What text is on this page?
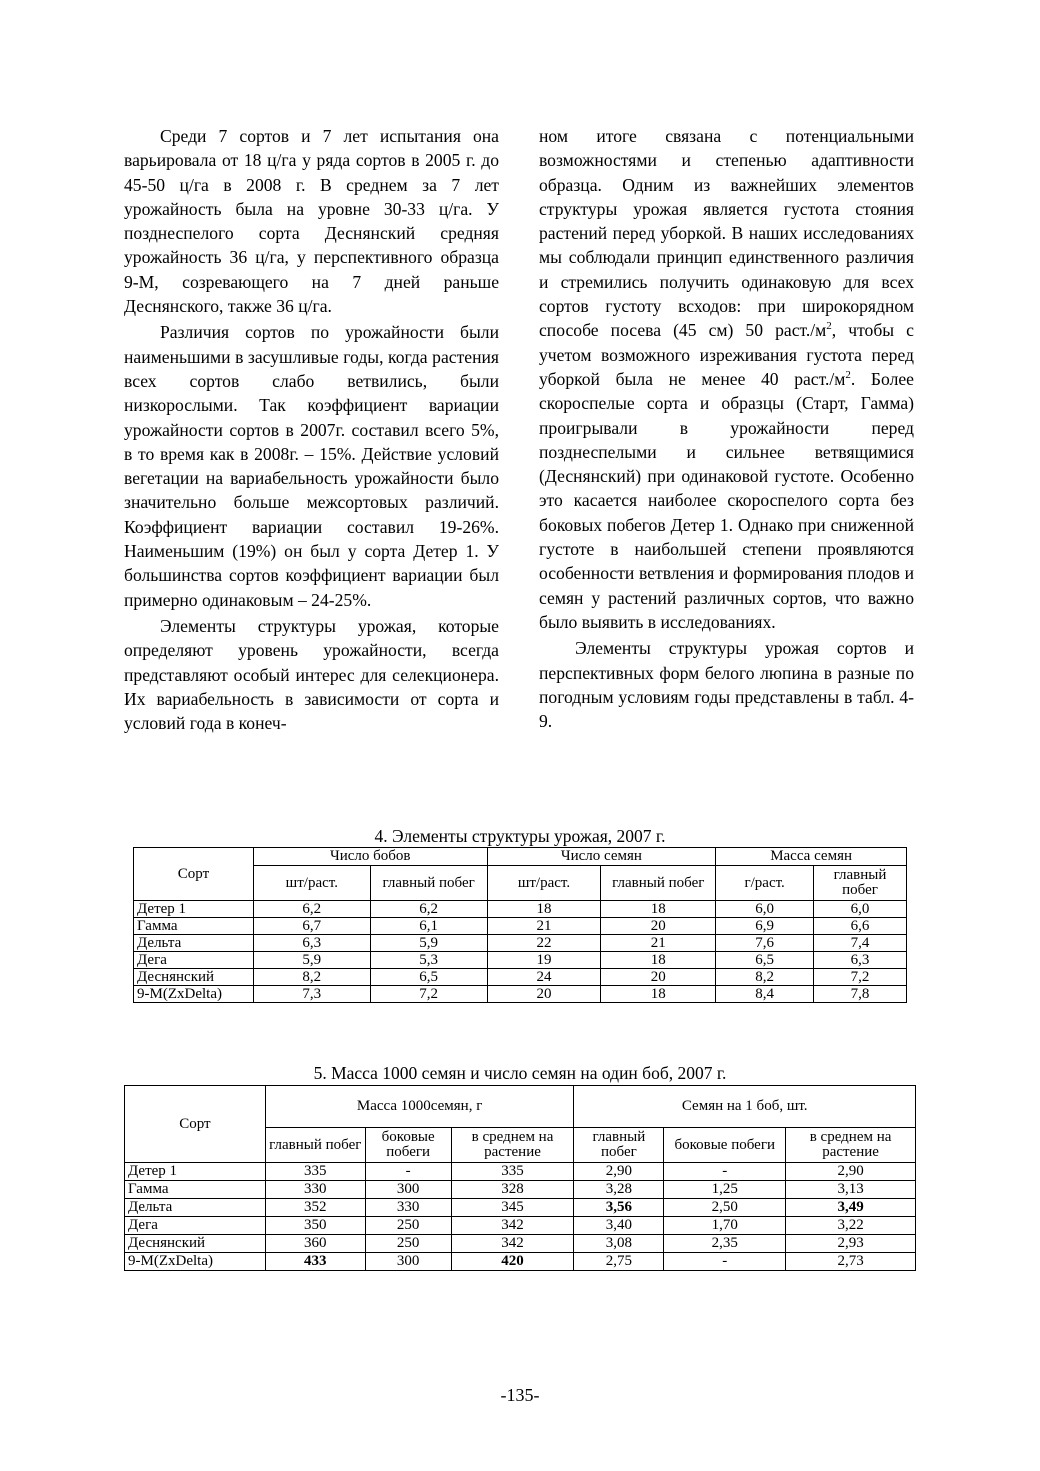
Среди 7 сортов и 7 лет испытания она варьировала от 18 ц/га у ряда сортов в 2005 г. до 45-50 ц/га в 2008 г. В среднем за 7 лет урожайность была на уровне 30-33 ц/га. У позднеспелого сорта Деснянский средняя урожайность 36 ц/га, у перспективного образца 9-М, созревающего на 7 дней раньше Деснянского, также 36 ц/га.

Различия сортов по урожайности были наименьшими в засушливые годы, когда растения всех сортов слабо ветвились, были низкорослыми. Так коэффициент вариации урожайности сортов в 2007г. составил всего 5%, в то время как в 2008г. – 15%. Действие условий вегетации на вариабельность урожайности было значительно больше межсортовых различий. Коэффициент вариации составил 19-26%. Наименьшим (19%) он был у сорта Детер 1. У большинства сортов коэффициент вариации был примерно одинаковым – 24-25%.

Элементы структуры урожая, которые определяют уровень урожайности, всегда представляют особый интерес для селекционера. Их вариабельность в зависимости от сорта и условий года в конеч-

ном итоге связана с потенциальными возможностями и степенью адаптивности образца. Одним из важнейших элементов структуры урожая является густота стояния растений перед уборкой. В наших исследованиях мы соблюдали принцип единственного различия и стремились получить одинаковую для всех сортов густоту всходов: при широкорядном способе посева (45 см) 50 $раст./м^2$, чтобы с учетом возможного изреживания густота перед уборкой была не менее 40 $раст./м^2$. Более скороспелые сорта и образцы (Старт, Гамма) проигрывали в урожайности перед позднеспелыми и сильнее ветвящимися (Деснянский) при одинаковой густоте. Особенно это касается наиболее скороспелого сорта без боковых побегов Детер 1. Однако при сниженной густоте в наибольшей степени проявляются особенности ветвления и формирования плодов и семян у растений различных сортов, что важно было выявить в исследованиях.

Элементы структуры урожая сортов и перспективных форм белого люпина в разные по погодным условиям годы представлены в табл. 4-9.

4. Элементы структуры урожая, 2007 г.
Сорт	Число бобов		Число семян		Масса семян	
	шт/раст.	главный побег	шт/раст.	главный побег	г/раст.	главный побег
Детер 1	6,2	6,2	18	18	6,0	6,0
Гамма	6,7	6,1	21	20	6,9	6,6
Дельта	6,3	5,9	22	21	7,6	7,4
Дега	5,9	5,3	19	18	6,5	6,3
Деснянский	8,2	6,5	24	20	8,2	7,2
9-M(ZxDelta)	7,3	7,2	20	18	8,4	7,8
5. Масса 1000 семян и число семян на один боб, 2007 г.
Сорт	Масса 1000семян, г			Семян на 1 боб, шт.		
	главный побег	боковые побеги	в среднем на растение	главный побег	боковые побеги	в среднем на растение
Детер 1	335	-	335	2,90	-	2,90
Гамма	330	300	328	3,28	1,25	3,13
Дельта	352	330	345	3,56	2,50	3,49
Дега	350	250	342	3,40	1,70	3,22
Деснянский	360	250	342	3,08	2,35	2,93
9-M(ZxDelta)	433	300	420	2,75	-	2,73
-135-
